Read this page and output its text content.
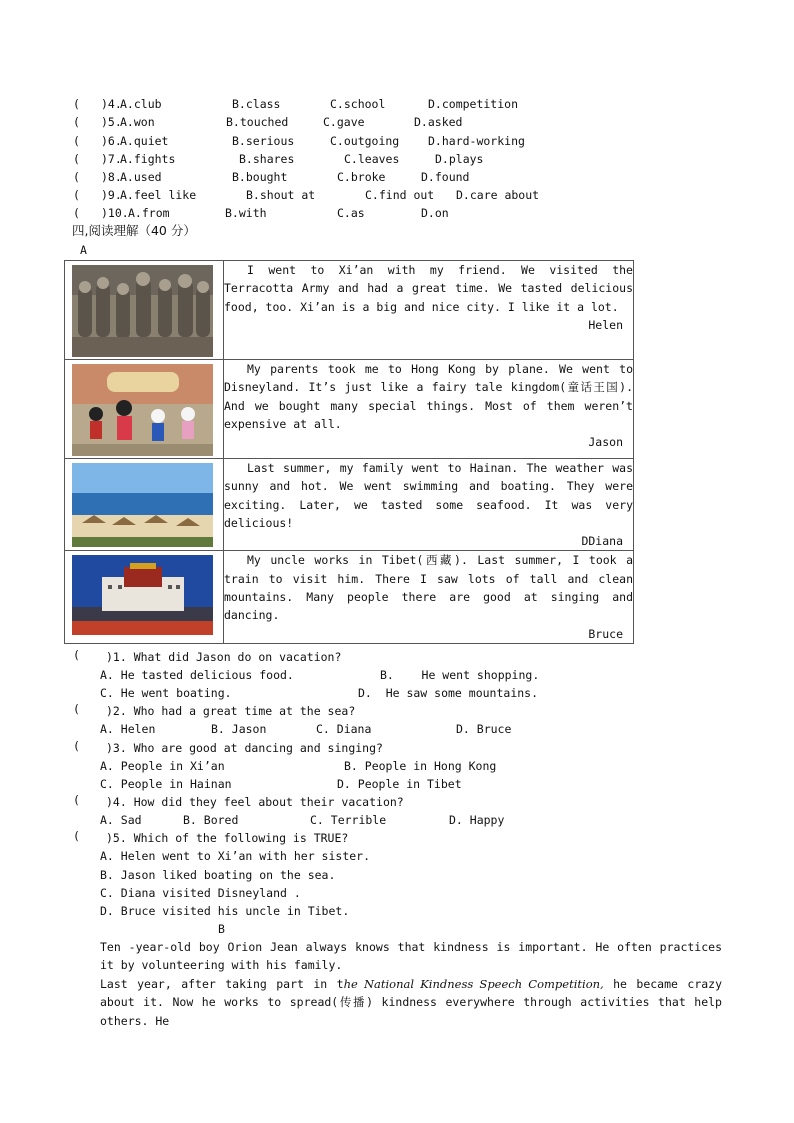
( )4.
A.club	B.class	C.school	D.competition
( )5.
A.won	B.touched	C.gave	D.asked
( )6.
A.quiet	B.serious	C.outgoing	D.hard-working
( )7.
A.fights	B.shares	C.leaves	D.plays
( )8.
A.used	B.bought	C.broke	D.found
( )9.
A.feel like	B.shout at	C.find out D.care about
( )10. A.from	B.with	C.as	D.on
四,阅读理解（40 分）
A

I went to Xi’an with my friend. We visited the Terracotta Army and had a great time. We tasted delicious food, too. Xi’an is a big and nice city. I like it a lot.
Helen

My parents took me to Hong Kong by plane. We went to Disneyland. It’s just like a fairy tale kingdom(童话王国). And we bought many special things. Most of them weren’t expensive at all.
Jason

Last summer, my family went to Hainan. The weather was sunny and hot. We went swimming and boating. They were exciting. Later, we tasted some seafood. It was very delicious!
DDiana

My uncle works in Tibet(西藏). Last summer, I took a train to visit him. There I saw lots of tall and clean mountains. Many people there are good at singing and dancing.
Bruce
( )1. What did Jason do on vacation?
A. He tasted delicious food.	B.    He went shopping.
C. He went boating.	D.  He saw some mountains.
( )2. Who had a great time at the sea?
A. Helen	B. Jason	C. Diana	D. Bruce
( )3. Who are good at dancing and singing?
A. People in Xi’an	B. People in Hong Kong
C. People in Hainan	D. People in Tibet
( )4. How did they feel about their vacation?
A. Sad	B. Bored	C. Terrible	D. Happy
( )5. Which of the following is TRUE?
A. Helen went to Xi’an with her sister.
B. Jason liked boating on the sea.
C. Diana visited Disneyland .
D. Bruce visited his uncle in Tibet.
B
Ten -year-old boy Orion Jean always knows that kindness is important. He often practices it by volunteering with his family.
Last year, after taking part in the National Kindness Speech Competition, he became crazy about it. Now he works to spread(传播) kindness everywhere through activities that help others. He
